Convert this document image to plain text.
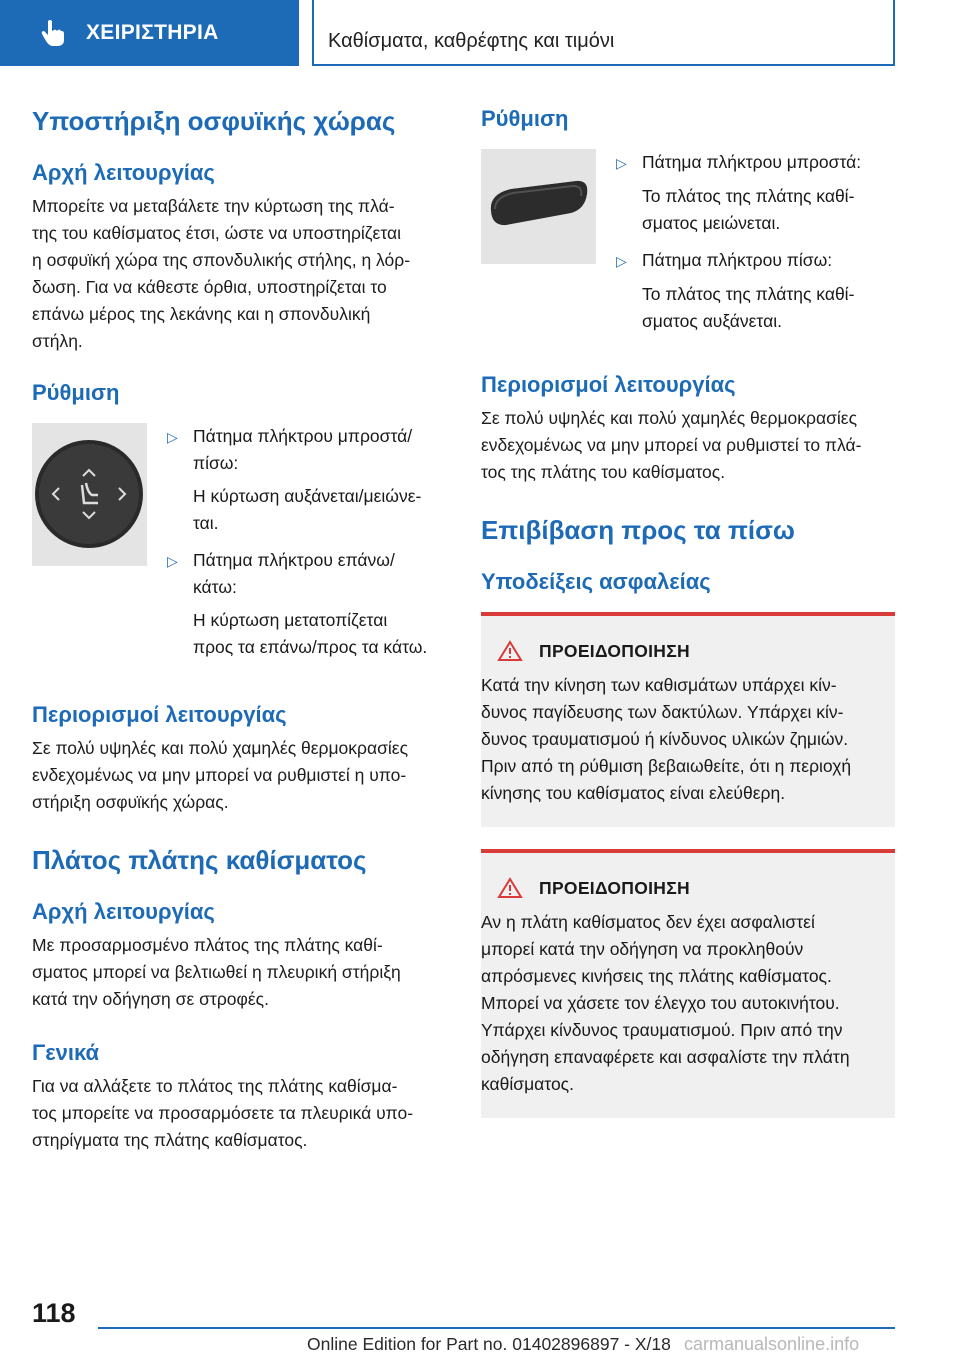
ΧΕΙΡΙΣΤΗΡΙΑ	Καθίσματα, καθρέφτης και τιμόνι
Υποστήριξη οσφυϊκής χώρας
Αρχή λειτουργίας
Μπορείτε να μεταβάλετε την κύρτωση της πλά-
της του καθίσματος έτσι, ώστε να υποστηρίζεται
η οσφυϊκή χώρα της σπονδυλικής στήλης, η λόρ-
δωση. Για να κάθεστε όρθια, υποστηρίζεται το
επάνω μέρος της λεκάνης και η σπονδυλική
στήλη.
Ρύθμιση
▷ Πάτημα πλήκτρου μπροστά/
πίσω:
Η κύρτωση αυξάνεται/μειώνε-
ται.
▷ Πάτημα πλήκτρου επάνω/
κάτω:
Η κύρτωση μετατοπίζεται
προς τα επάνω/προς τα κάτω.
Περιορισμοί λειτουργίας
Σε πολύ υψηλές και πολύ χαμηλές θερμοκρασίες
ενδεχομένως να μην μπορεί να ρυθμιστεί η υπο-
στήριξη οσφυϊκής χώρας.
Πλάτος πλάτης καθίσματος
Αρχή λειτουργίας
Με προσαρμοσμένο πλάτος της πλάτης καθί-
σματος μπορεί να βελτιωθεί η πλευρική στήριξη
κατά την οδήγηση σε στροφές.
Γενικά
Για να αλλάξετε το πλάτος της πλάτης καθίσμα-
τος μπορείτε να προσαρμόσετε τα πλευρικά υπο-
στηρίγματα της πλάτης καθίσματος.
Ρύθμιση
▷ Πάτημα πλήκτρου μπροστά:
Το πλάτος της πλάτης καθί-
σματος μειώνεται.
▷ Πάτημα πλήκτρου πίσω:
Το πλάτος της πλάτης καθί-
σματος αυξάνεται.
Περιορισμοί λειτουργίας
Σε πολύ υψηλές και πολύ χαμηλές θερμοκρασίες
ενδεχομένως να μην μπορεί να ρυθμιστεί το πλά-
τος της πλάτης του καθίσματος.
Επιβίβαση προς τα πίσω
Υποδείξεις ασφαλείας
ΠΡΟΕΙΔΟΠΟΙΗΣΗ
Κατά την κίνηση των καθισμάτων υπάρχει κίν-
δυνος παγίδευσης των δακτύλων. Υπάρχει κίν-
δυνος τραυματισμού ή κίνδυνος υλικών ζημιών.
Πριν από τη ρύθμιση βεβαιωθείτε, ότι η περιοχή
κίνησης του καθίσματος είναι ελεύθερη.
ΠΡΟΕΙΔΟΠΟΙΗΣΗ
Αν η πλάτη καθίσματος δεν έχει ασφαλιστεί
μπορεί κατά την οδήγηση να προκληθούν
απρόσμενες κινήσεις της πλάτης καθίσματος.
Μπορεί να χάσετε τον έλεγχο του αυτοκινήτου.
Υπάρχει κίνδυνος τραυματισμού. Πριν από την
οδήγηση επαναφέρετε και ασφαλίστε την πλάτη
καθίσματος.
118
Online Edition for Part no. 01402896897 - X/18 carmanualsonline.info
